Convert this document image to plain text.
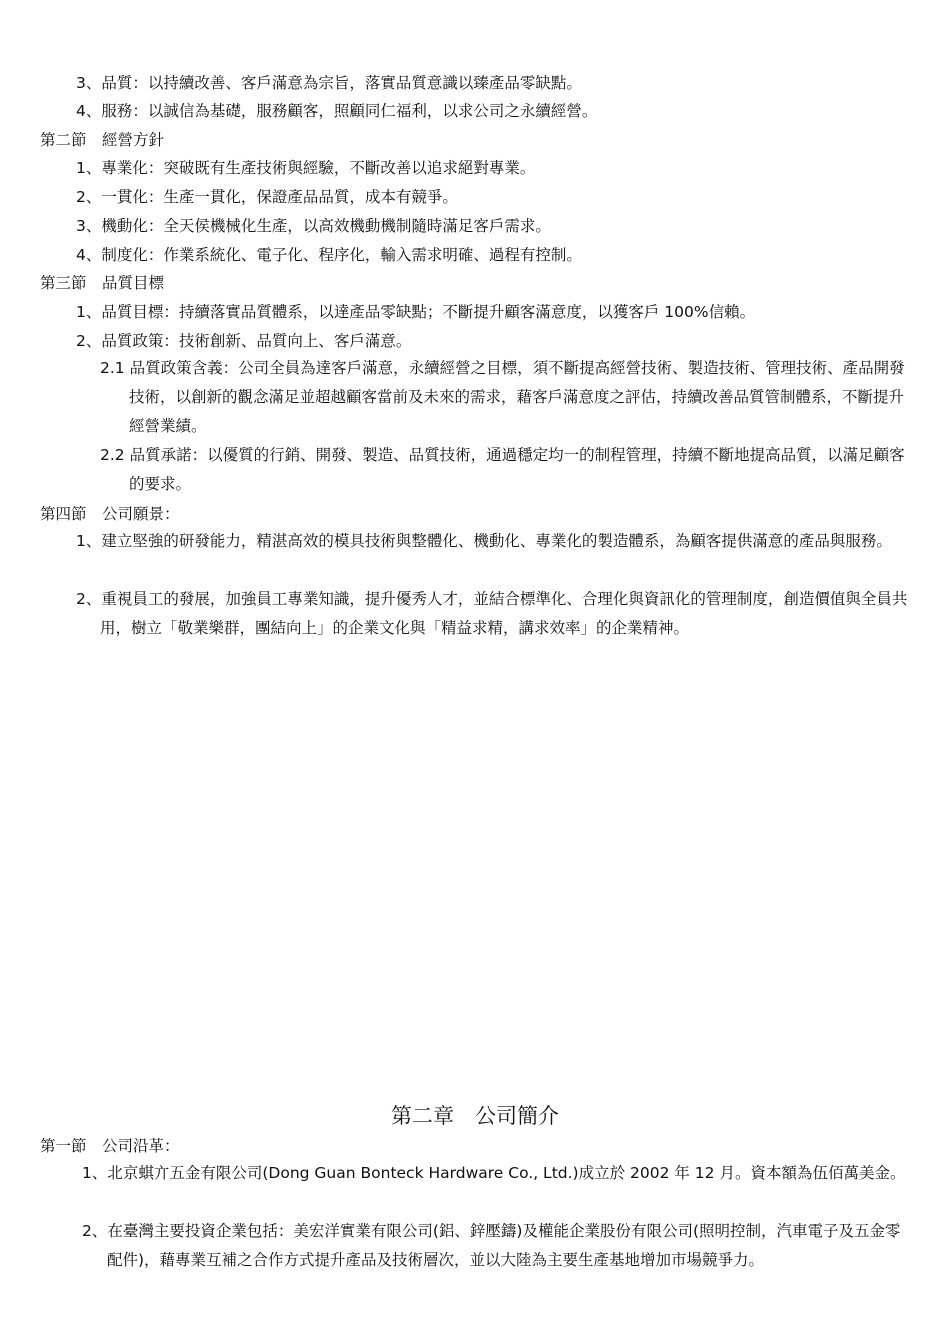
3、品質：以持續改善、客戶滿意為宗旨，落實品質意識以臻產品零缺點。
4、服務：以誠信為基礎，服務顧客，照顧同仁福利，以求公司之永續經營。
第二節　經營方針
1、專業化：突破既有生產技術與經驗，不斷改善以追求絕對專業。
2、一貫化：生產一貫化，保證產品品質，成本有競爭。
3、機動化：全天侯機械化生產，以高效機動機制隨時滿足客戶需求。
4、制度化：作業系統化、電子化、程序化，輸入需求明確、過程有控制。
第三節　品質目標
1、品質目標：持續落實品質體系，以達產品零缺點；不斷提升顧客滿意度，以獲客戶 100%信賴。
2、品質政策：技術創新、品質向上、客戶滿意。
2.1 品質政策含義：公司全員為達客戶滿意，永續經營之目標，須不斷提高經營技術、製造技術、管理技術、產品開發技術，以創新的觀念滿足並超越顧客當前及未來的需求，藉客戶滿意度之評估，持續改善品質管制體系，不斷提升經營業績。
2.2 品質承諾：以優質的行銷、開發、製造、品質技術，通過穩定均一的制程管理，持續不斷地提高品質，以滿足顧客的要求。
第四節　公司願景：
1、建立堅強的研發能力，精湛高效的模具技術與整體化、機動化、專業化的製造體系，為顧客提供滿意的產品與服務。
2、重視員工的發展，加強員工專業知識，提升優秀人才，並結合標準化、合理化與資訊化的管理制度，創造價值與全員共用，樹立「敬業樂群，團結向上」的企業文化與「精益求精，講求效率」的企業精神。
第二章　公司簡介
第一節　公司沿革：
1、北京蜞亣五金有限公司(Dong Guan Bonteck Hardware Co., Ltd.)成立於 2002 年 12 月。資本額為伍佰萬美金。
2、在臺灣主要投資企業包括：美宏洋實業有限公司(鋁、鋅壓鑄)及權能企業股份有限公司(照明控制，汽車電子及五金零配件)，藉專業互補之合作方式提升產品及技術層次，並以大陸為主要生產基地增加市場競爭力。
